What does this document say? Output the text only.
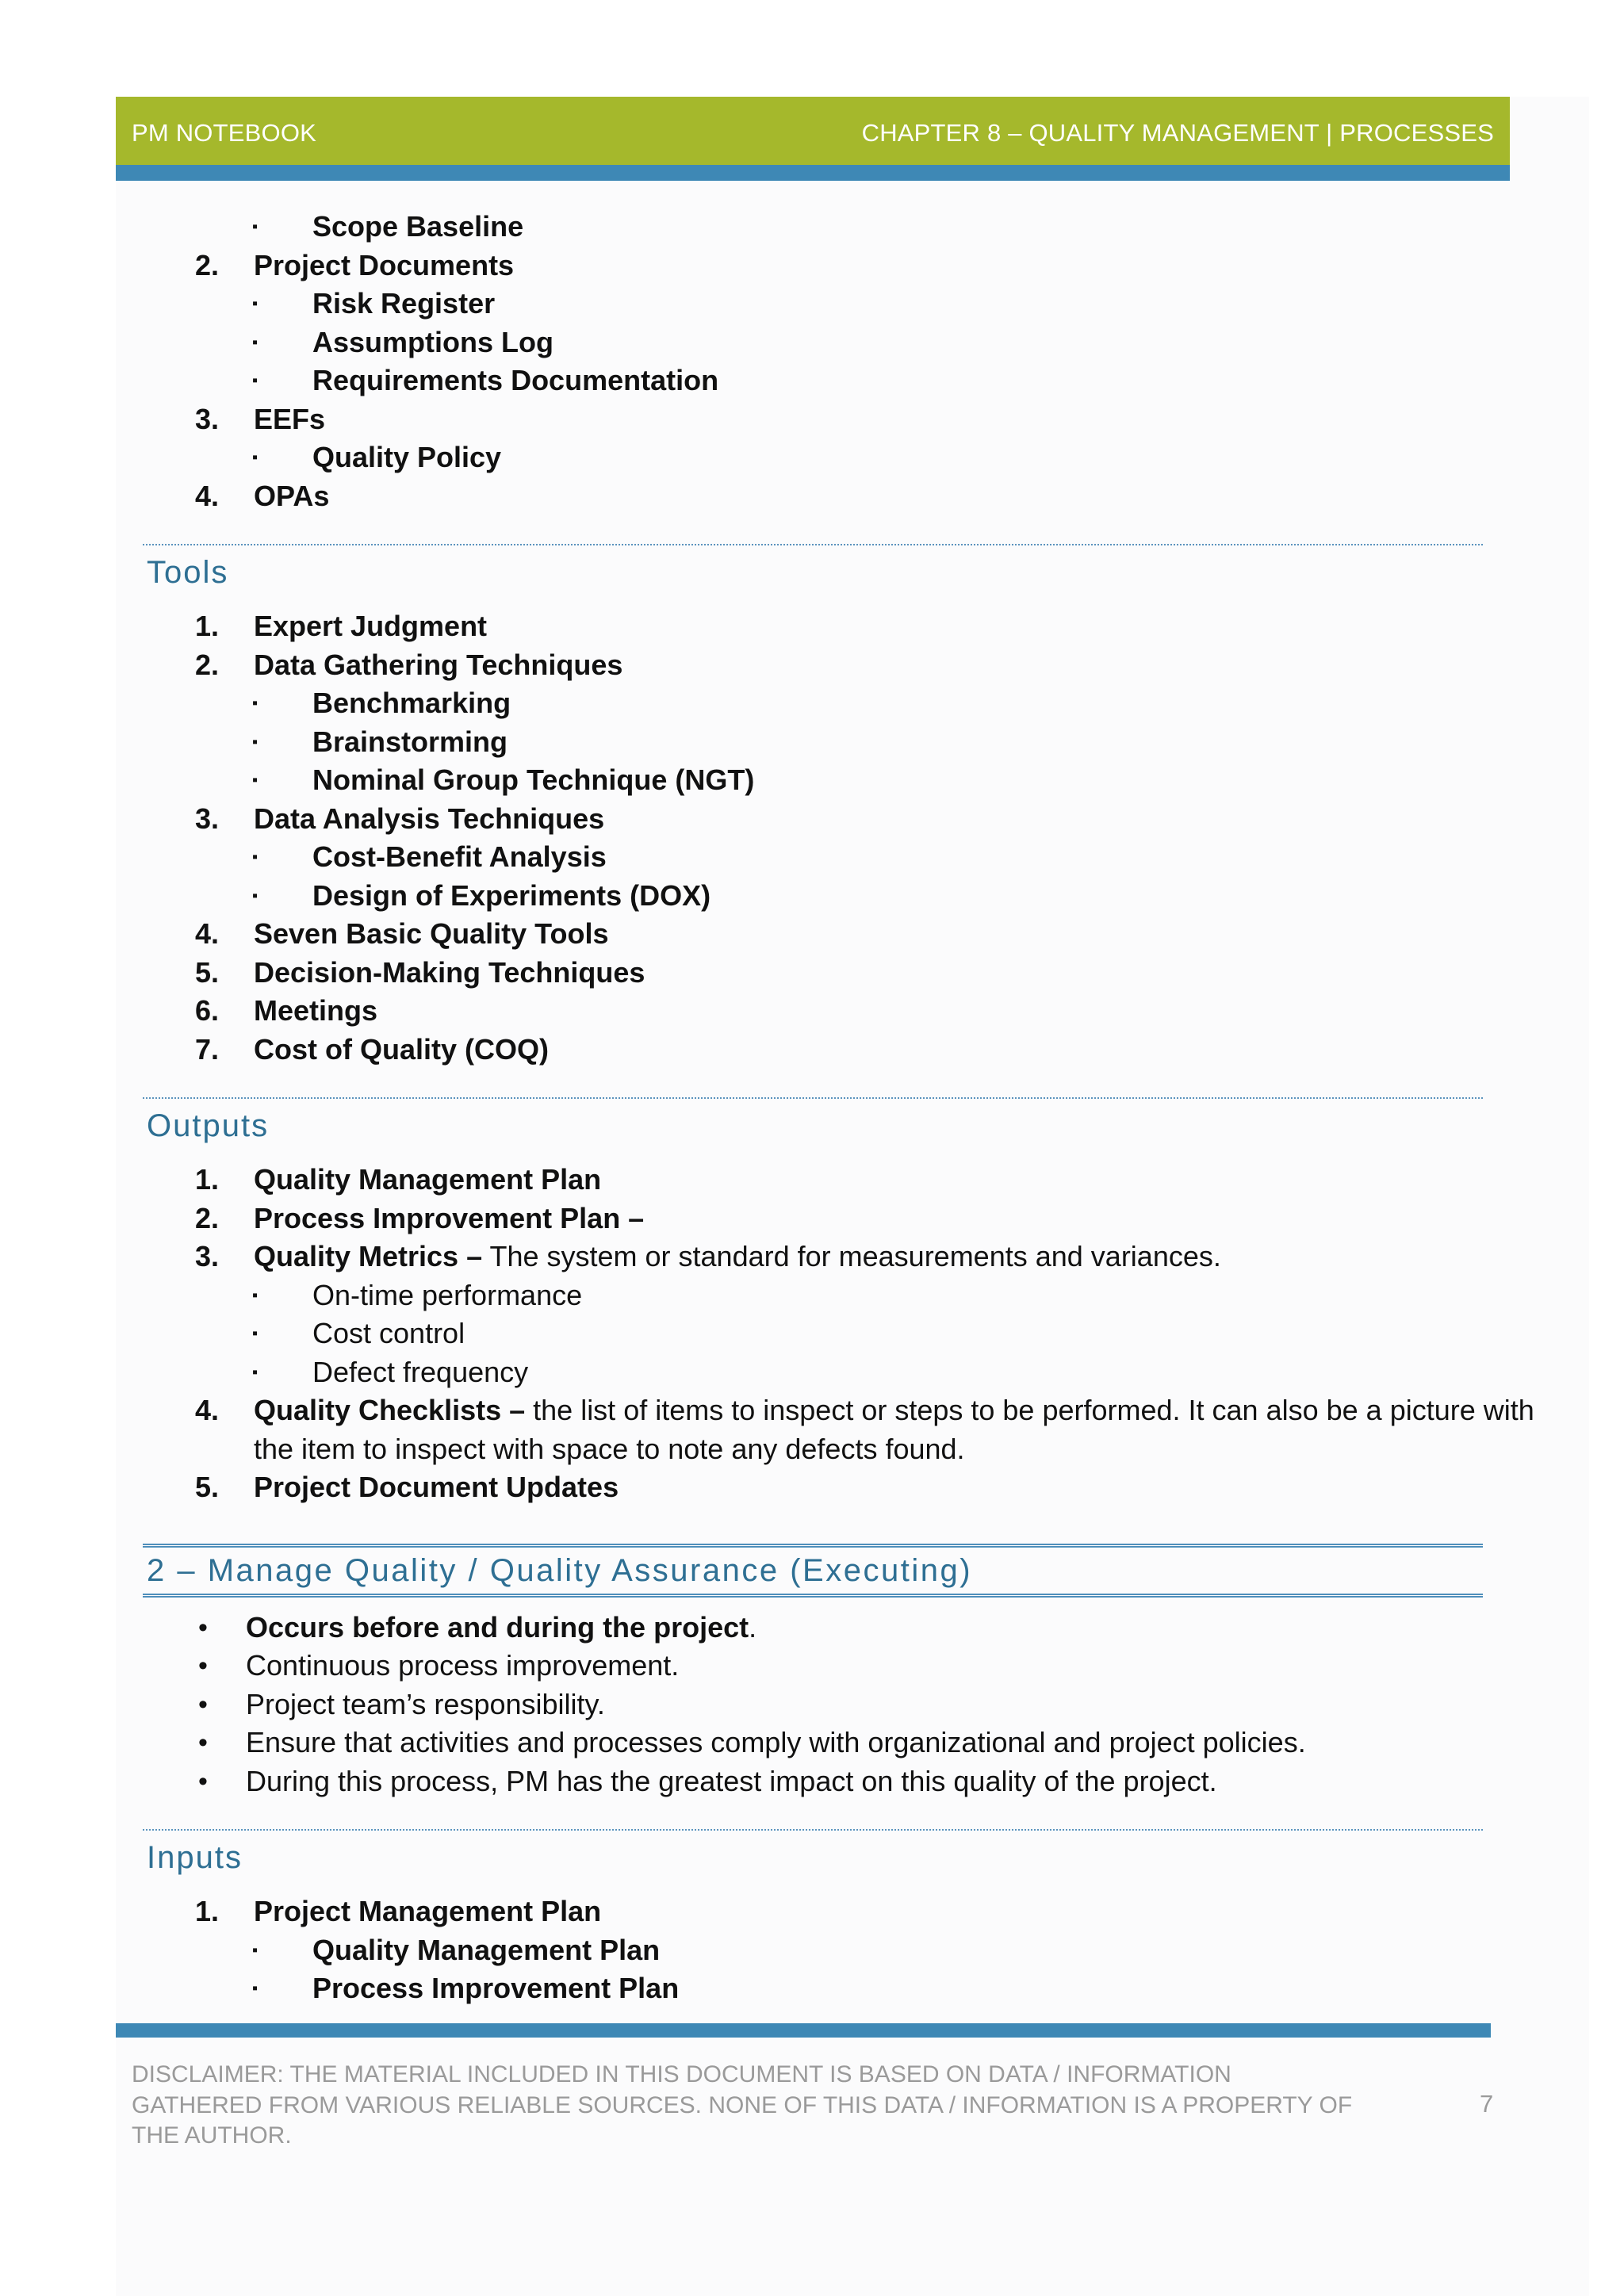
PM NOTEBOOK	CHAPTER 8 – QUALITY MANAGEMENT | PROCESSES
▪ Scope Baseline
2. Project Documents
▪ Risk Register
▪ Assumptions Log
▪ Requirements Documentation
3. EEFs
▪ Quality Policy
4. OPAs
Tools
1. Expert Judgment
2. Data Gathering Techniques
▪ Benchmarking
▪ Brainstorming
▪ Nominal Group Technique (NGT)
3. Data Analysis Techniques
▪ Cost-Benefit Analysis
▪ Design of Experiments (DOX)
4. Seven Basic Quality Tools
5. Decision-Making Techniques
6. Meetings
7. Cost of Quality (COQ)
Outputs
1. Quality Management Plan
2. Process Improvement Plan –
3. Quality Metrics – The system or standard for measurements and variances.
▪ On-time performance
▪ Cost control
▪ Defect frequency
4. Quality Checklists – the list of items to inspect or steps to be performed. It can also be a picture with the item to inspect with space to note any defects found.
5. Project Document Updates
2 – Manage Quality / Quality Assurance (Executing)
• Occurs before and during the project.
• Continuous process improvement.
• Project team’s responsibility.
• Ensure that activities and processes comply with organizational and project policies.
• During this process, PM has the greatest impact on this quality of the project.
Inputs
1. Project Management Plan
▪ Quality Management Plan
▪ Process Improvement Plan
DISCLAIMER: THE MATERIAL INCLUDED IN THIS DOCUMENT IS BASED ON DATA / INFORMATION GATHERED FROM VARIOUS RELIABLE SOURCES. NONE OF THIS DATA / INFORMATION IS A PROPERTY OF THE AUTHOR.
7
